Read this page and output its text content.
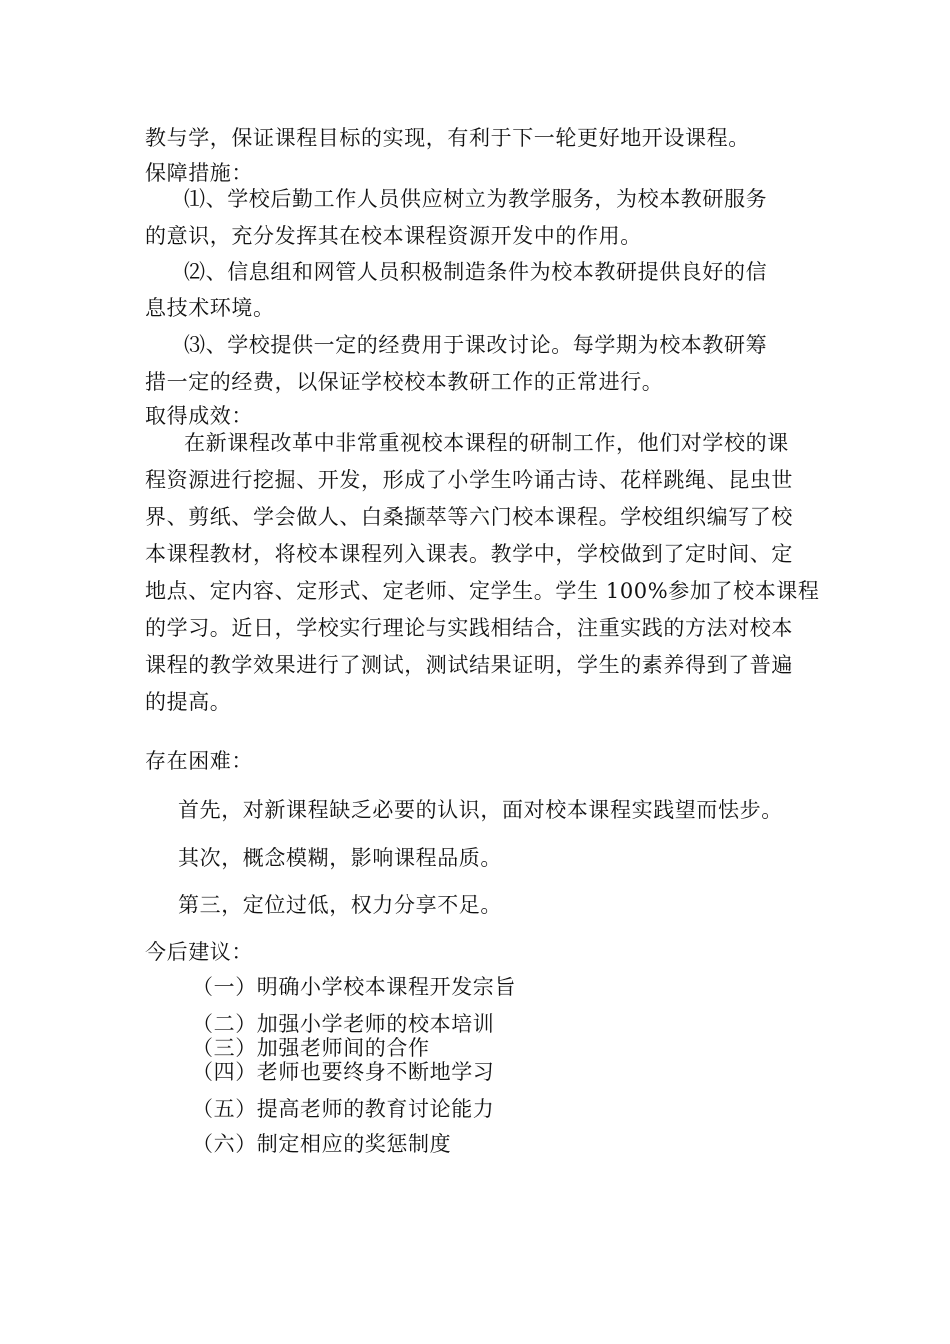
教与学，保证课程目标的实现，有利于下一轮更好地开设课程。
保障措施：
⑴、学校后勤工作人员供应树立为教学服务，为校本教研服务
的意识，充分发挥其在校本课程资源开发中的作用。
⑵、信息组和网管人员积极制造条件为校本教研提供良好的信
息技术环境。
⑶、学校提供一定的经费用于课改讨论。每学期为校本教研筹
措一定的经费，以保证学校校本教研工作的正常进行。
取得成效：
在新课程改革中非常重视校本课程的研制工作，他们对学校的课
程资源进行挖掘、开发，形成了小学生吟诵古诗、花样跳绳、昆虫世
界、剪纸、学会做人、白桑撷萃等六门校本课程。学校组织编写了校
本课程教材，将校本课程列入课表。教学中，学校做到了定时间、定
地点、定内容、定形式、定老师、定学生。学生 100%参加了校本课程
的学习。近日，学校实行理论与实践相结合，注重实践的方法对校本
课程的教学效果进行了测试，测试结果证明，学生的素养得到了普遍
的提高。
存在困难：
首先，对新课程缺乏必要的认识，面对校本课程实践望而怯步。
其次，概念模糊，影响课程品质。
第三，定位过低，权力分享不足。
今后建议：
（一）明确小学校本课程开发宗旨
（二）加强小学老师的校本培训
（三）加强老师间的合作
（四）老师也要终身不断地学习
（五）提高老师的教育讨论能力
（六）制定相应的奖惩制度
